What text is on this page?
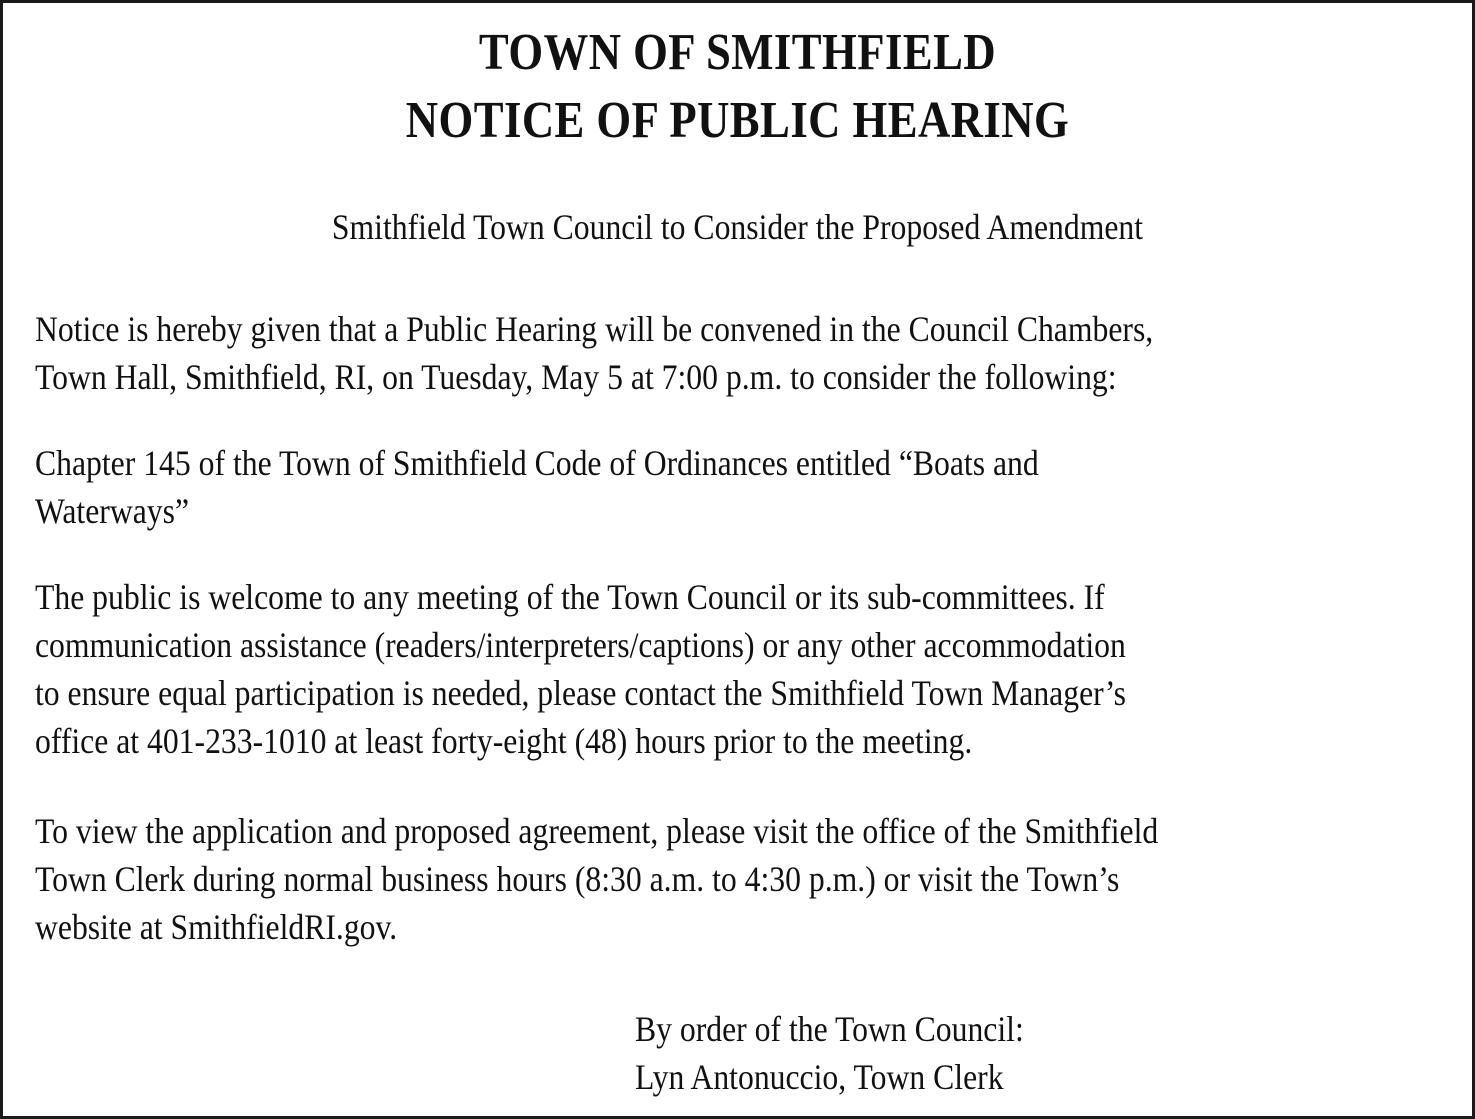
TOWN OF SMITHFIELD
NOTICE OF PUBLIC HEARING

Smithfield Town Council to Consider the Proposed Amendment

Notice is hereby given that a Public Hearing will be convened in the Council Chambers,
Town Hall, Smithfield, RI, on Tuesday, May 5 at 7:00 p.m. to consider the following:

Chapter 145 of the Town of Smithfield Code of Ordinances entitled “Boats and
Waterways”

The public is welcome to any meeting of the Town Council or its sub-committees. If
communication assistance (readers/interpreters/captions) or any other accommodation
to ensure equal participation is needed, please contact the Smithfield Town Manager’s
office at 401-233-1010 at least forty-eight (48) hours prior to the meeting.

To view the application and proposed agreement, please visit the office of the Smithfield
Town Clerk during normal business hours (8:30 a.m. to 4:30 p.m.) or visit the Town’s
website at SmithfieldRI.gov.

By order of the Town Council:
Lyn Antonuccio, Town Clerk
